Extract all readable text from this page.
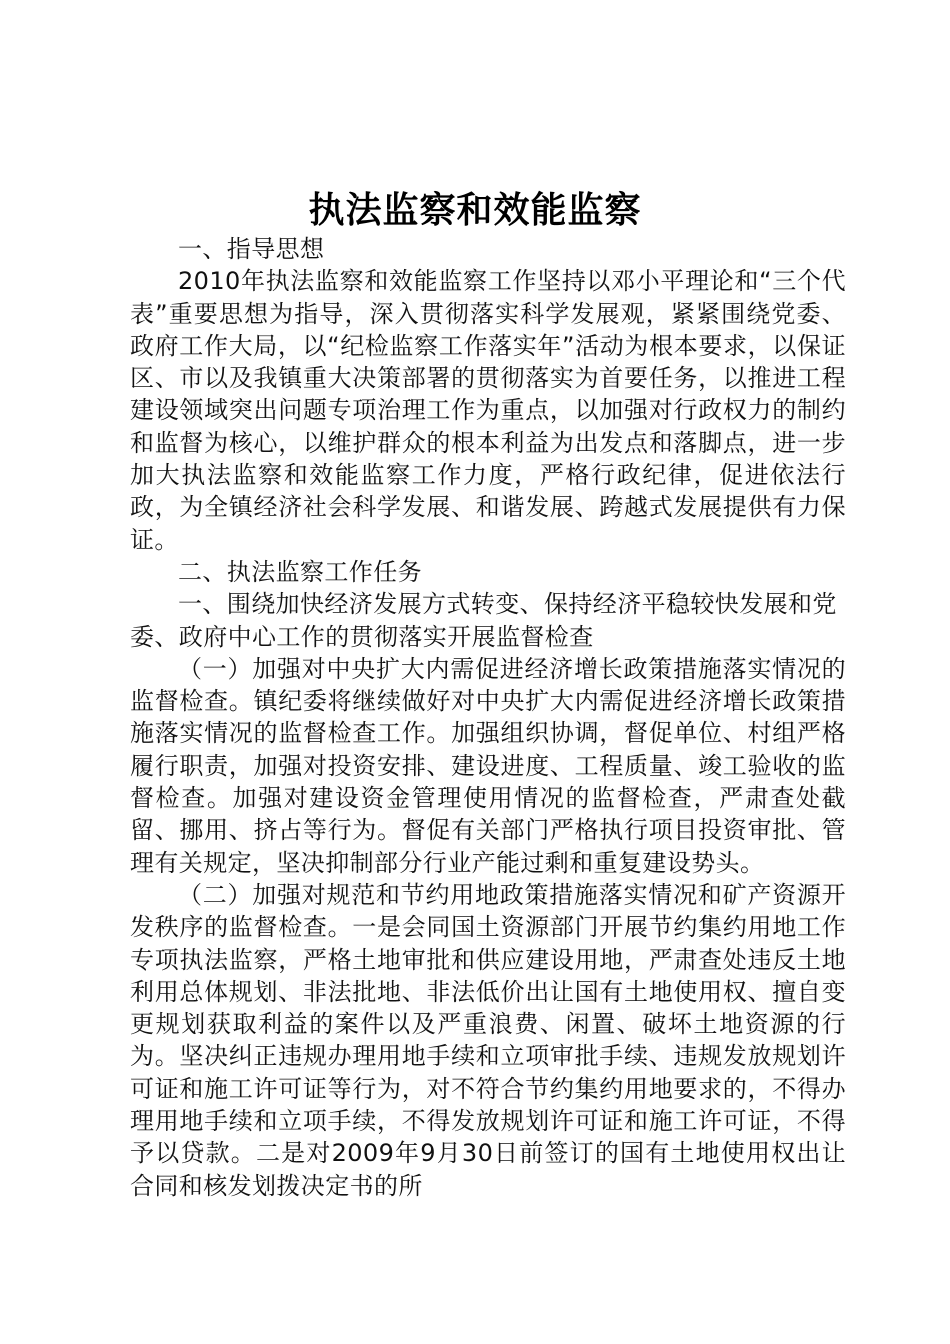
执法监察和效能监察

一、指导思想

2010年执法监察和效能监察工作坚持以邓小平理论和“三个代表”重要思想为指导，深入贯彻落实科学发展观，紧紧围绕党委、政府工作大局，以“纪检监察工作落实年”活动为根本要求，以保证区、市以及我镇重大决策部署的贯彻落实为首要任务，以推进工程建设领域突出问题专项治理工作为重点，以加强对行政权力的制约和监督为核心，以维护群众的根本利益为出发点和落脚点，进一步加大执法监察和效能监察工作力度，严格行政纪律，促进依法行政，为全镇经济社会科学发展、和谐发展、跨越式发展提供有力保证。

二、执法监察工作任务

一、围绕加快经济发展方式转变、保持经济平稳较快发展和党委、政府中心工作的贯彻落实开展监督检查

（一）加强对中央扩大内需促进经济增长政策措施落实情况的监督检查。镇纪委将继续做好对中央扩大内需促进经济增长政策措施落实情况的监督检查工作。加强组织协调，督促单位、村组严格履行职责，加强对投资安排、建设进度、工程质量、竣工验收的监督检查。加强对建设资金管理使用情况的监督检查，严肃查处截留、挪用、挤占等行为。督促有关部门严格执行项目投资审批、管理有关规定，坚决抑制部分行业产能过剩和重复建设势头。

（二）加强对规范和节约用地政策措施落实情况和矿产资源开发秩序的监督检查。一是会同国土资源部门开展节约集约用地工作专项执法监察，严格土地审批和供应建设用地，严肃查处违反土地利用总体规划、非法批地、非法低价出让国有土地使用权、擅自变更规划获取利益的案件以及严重浪费、闲置、破坏土地资源的行为。坚决纠正违规办理用地手续和立项审批手续、违规发放规划许可证和施工许可证等行为，对不符合节约集约用地要求的，不得办理用地手续和立项手续，不得发放规划许可证和施工许可证，不得予以贷款。二是对2009年9月30日前签订的国有土地使用权出让合同和核发划拨决定书的所
